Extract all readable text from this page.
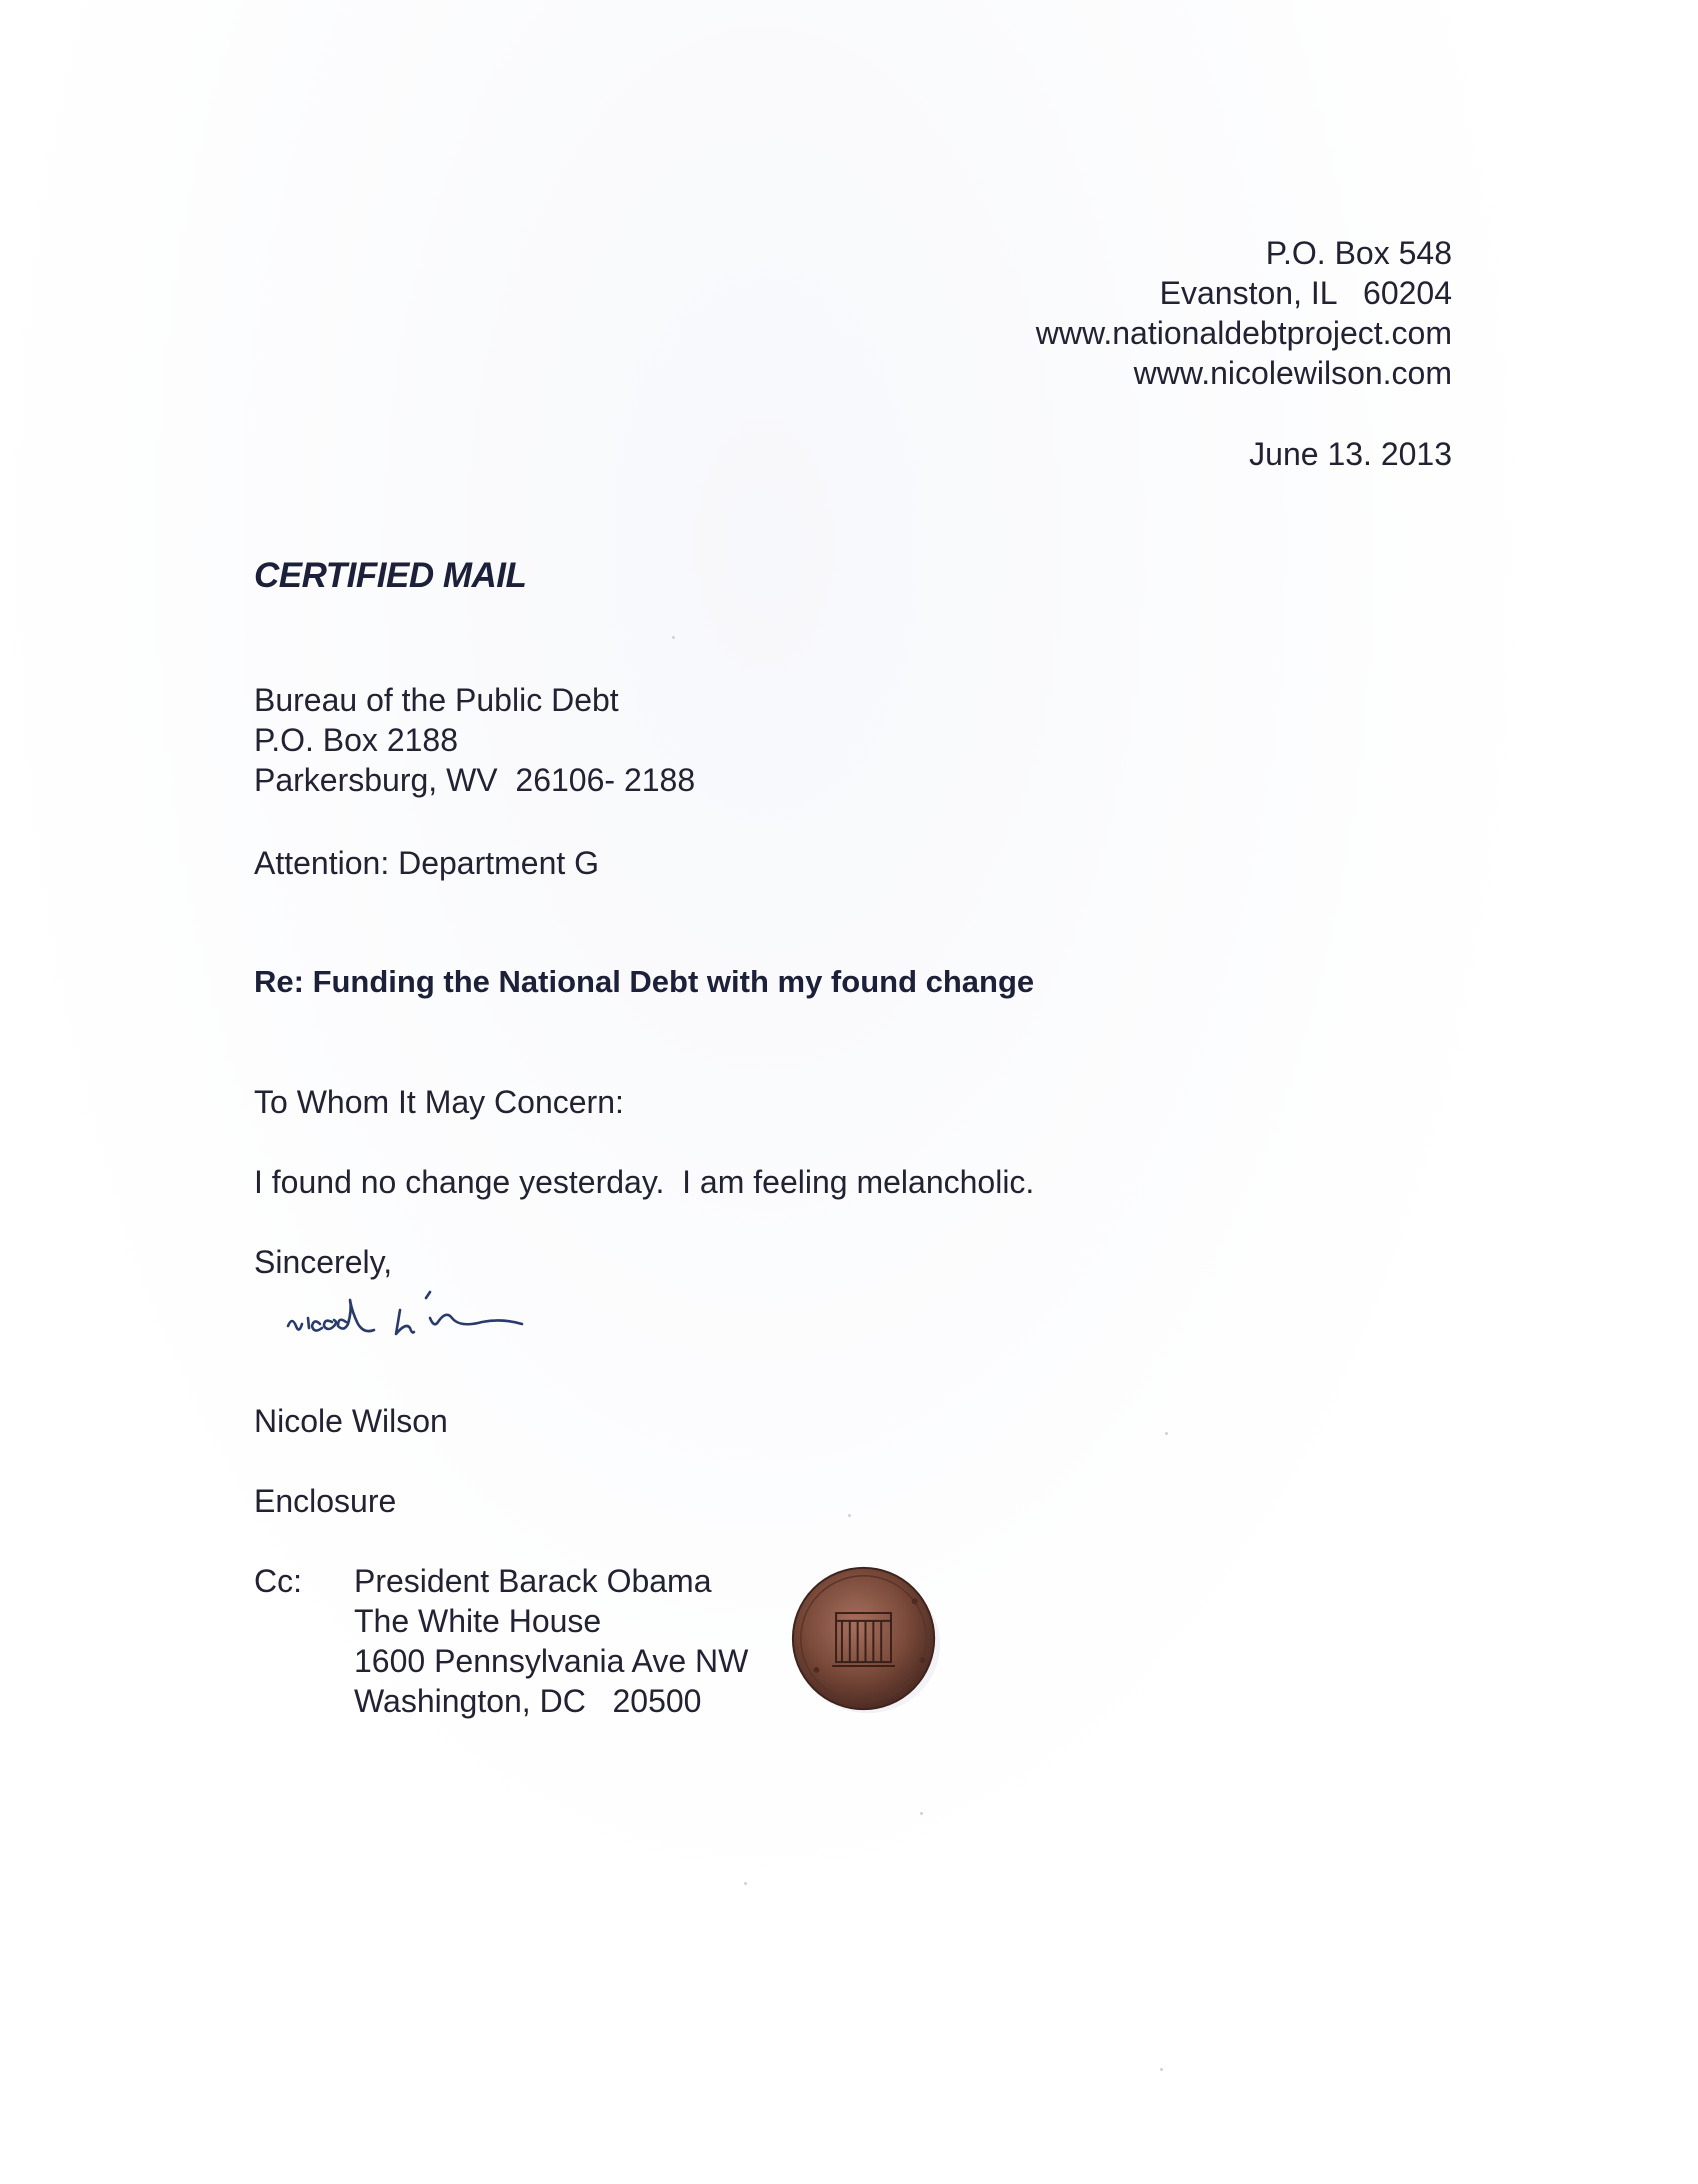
P.O. Box 548
Evanston, IL   60204
www.nationaldebtproject.com
www.nicolewilson.com
June 13. 2013
CERTIFIED MAIL
Bureau of the Public Debt
P.O. Box 2188
Parkersburg, WV  26106- 2188
Attention: Department G
Re: Funding the National Debt with my found change
To Whom It May Concern:
I found no change yesterday.  I am feeling melancholic.
Sincerely,
Nicole Wilson
Enclosure
Cc: President Barack Obama
The White House
1600 Pennsylvania Ave NW
Washington, DC   20500
